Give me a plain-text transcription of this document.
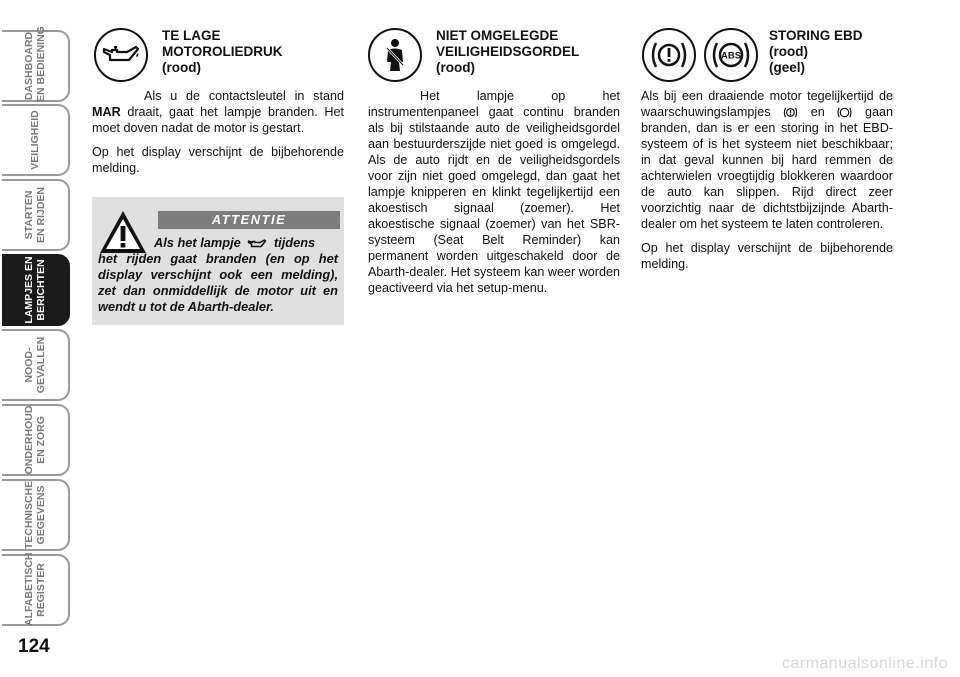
DASHBOARD EN BEDIENING
VEILIGHEID
STARTEN EN RIJDEN
LAMPJES EN BERICHTEN
NOOD- GEVALLEN
ONDERHOUD EN ZORG
TECHNISCHE GEGEVENS
ALFABETISCH REGISTER
124
TE LAGE
MOTOROLIEDRUK
(rood)

Als u de contactsleutel in stand MAR draait, gaat het lampje branden. Het moet doven nadat de motor is gestart.

Op het display verschijnt de bijbehorende melding.

ATTENTIE
Als het lampje	tijdens
het rijden gaat branden (en op het display verschijnt ook een melding), zet dan onmiddellijk de motor uit en wendt u tot de Abarth-dealer.
NIET OMGELEGDE
VEILIGHEIDSGORDEL
(rood)

Het lampje op het instrumentenpaneel gaat continu branden als bij stilstaande auto de veiligheidsgordel aan bestuurderszijde niet goed is omgelegd. Als de auto rijdt en de veiligheidsgordels voor zijn niet goed omgelegd, dan gaat het lampje knipperen en klinkt tegelijkertijd een akoestisch signaal (zoemer). Het akoestische signaal (zoemer) van het SBR-systeem (Seat Belt Reminder) kan permanent worden uitgeschakeld door de Abarth-dealer. Het systeem kan weer worden geactiveerd via het setup-menu.

ABS
STORING EBD
(rood)
(geel)

Als bij een draaiende motor tegelijkertijd de waarschuwingslampjes	en	gaan branden, dan is er een storing in het EBD-systeem of is het systeem niet beschikbaar; in dat geval kunnen bij hard remmen de achterwielen vroegtijdig blokkeren waardoor de auto kan slippen. Rijd direct zeer voorzichtig naar de dichtstbijzijnde Abarth-dealer om het systeem te laten controleren.

Op het display verschijnt de bijbehorende melding.

carmanualsonline.info
